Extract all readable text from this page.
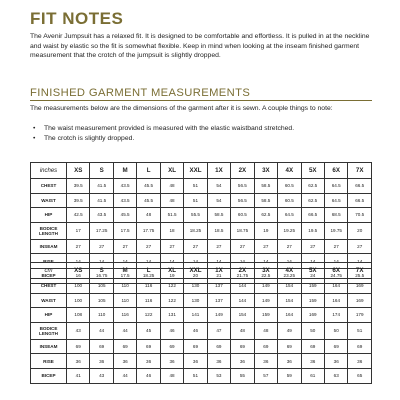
FIT NOTES

The Avenir Jumpsuit has a relaxed fit. It is designed to be comfortable and effortless. It is pulled in at the neckline and waist by elastic so the fit is somewhat flexible. Keep in mind when looking at the inseam finished garment measurement that the crotch of the jumpsuit is slightly dropped.

FINISHED GARMENT MEASUREMENTS

The measurements below are the dimensions of the garment after it is sewn. A couple things to note:

• The waist measurement provided is measured with the elastic waistband stretched.
• The crotch is slightly dropped.
inches	XS	S	M	L	XL	XXL	1X	2X	3X	4X	5X	6X	7X
CHEST	39.5	41.5	43.5	45.5	48	51	54	56.5	58.5	60.5	62.5	64.5	66.5
WAIST	39.5	41.5	43.5	45.5	48	51	54	56.5	58.5	60.5	62.5	64.5	66.5
HIP	42.5	43.5	45.5	48	51.5	55.5	58.5	60.5	62.5	64.5	66.5	68.5	70.5
BODICE LENGTH	17	17.25	17.5	17.75	18	18.25	18.5	18.75	19	19.25	19.5	19.75	20
INSEAM	27	27	27	27	27	27	27	27	27	27	27	27	27
RISE	14	14	14	14	14	14	14	14	14	14	14	14	14
BICEP	16	16.75	17.5	18.25	19	20	21	21.75	22.5	23.25	24	24.75	25.5
cm	XS	S	M	L	XL	XXL	1X	2X	3X	4X	5X	6X	7X
CHEST	100	105	110	116	122	130	137	144	149	154	159	164	169
WAIST	100	105	110	116	122	130	137	144	149	154	159	164	169
HIP	108	110	116	122	131	141	149	154	159	164	169	174	179
BODICE LENGTH	43	44	44	45	46	46	47	48	48	49	50	50	51
INSEAM	69	69	69	69	69	69	69	69	69	69	69	69	69
RISE	36	36	36	36	36	36	36	36	36	36	36	36	36
BICEP	41	43	44	46	48	51	53	55	57	59	61	63	65
